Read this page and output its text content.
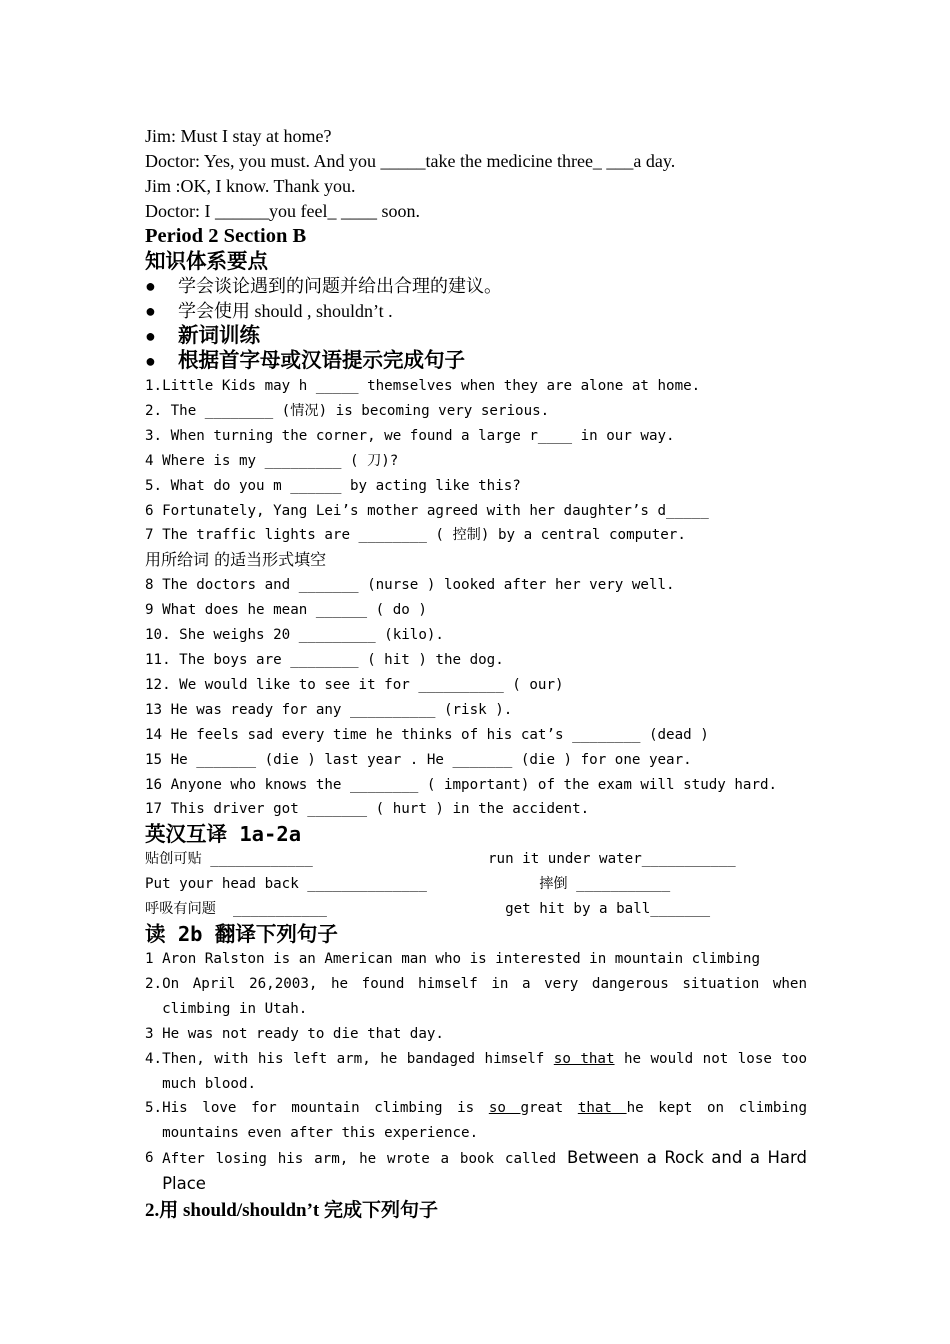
Jim: Must I stay at home?
Doctor: Yes, you must. And you _____take the medicine three_ ___a day.
Jim :OK, I know. Thank you.
Doctor: I ______you feel_ ____ soon.
Period 2 Section B
知识体系要点
●	学会谈论遇到的问题并给出合理的建议。
●	学会使用 should , shouldn’t .
●	新词训练
●	根据首字母或汉语提示完成句子
1.Little Kids may h _____ themselves when they are alone at home.
2. The ________ (情况) is becoming very serious.
3. When turning the corner, we found a large r____ in our way.
4 Where is my _________ ( 刀)?
5. What do you m ______ by acting like this?
6 Fortunately, Yang Lei’s mother agreed with her daughter’s d_____
7 The traffic lights are ________ ( 控制) by a central computer.
用所给词 的适当形式填空
8 The doctors and _______ (nurse ) looked after her very well.
9 What does he mean ______ ( do )
10. She weighs 20 _________ (kilo).
11. The boys are ________ ( hit ) the dog.
12. We would like to see it for __________ ( our)
13 He was ready for any __________ (risk ).
14 He feels sad every time he thinks of his cat’s ________ (dead )
15 He _______ (die ) last year . He _______ (die ) for one year.
16 Anyone who knows the ________ ( important) of the exam will study hard.
17 This driver got _______ ( hurt ) in the accident.
英汉互译 1a-2a
贴创可贴 ____________	run it under water___________
Put your head back ______________	摔倒 ___________
呼吸有问题  ___________	get hit by a ball_______
读 2b 翻译下列句子
1 Aron Ralston is an American man who is interested in mountain climbing
2. On April 26,2003, he found himself in a very dangerous situation when climbing in Utah.
3 He was not ready to die that day.
4. Then, with his left arm, he bandaged himself so that he would not lose too much blood.
5. His love for mountain climbing is so great that he kept on climbing mountains even after this experience.
6 After losing his arm, he wrote a book called Between a Rock and a Hard Place
2.用 should/shouldn’t 完成下列句子
